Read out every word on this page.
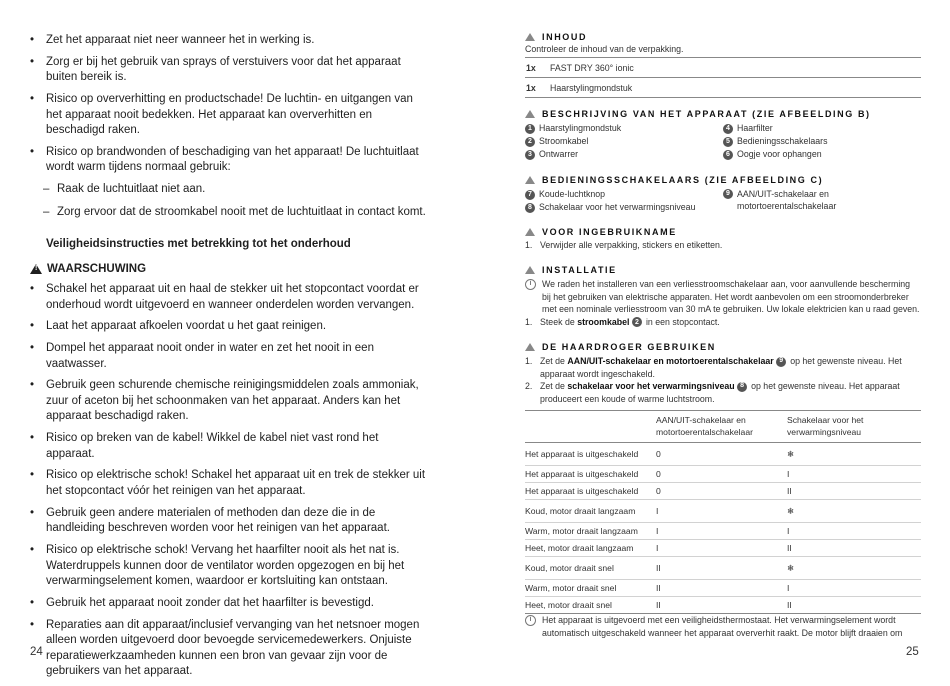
• Zet het apparaat niet neer wanneer het in werking is.
• Zorg er bij het gebruik van sprays of verstuivers voor dat het apparaat buiten bereik is.
• Risico op oververhitting en productschade! De luchtin- en uitgangen van het apparaat nooit bedekken. Het apparaat kan oververhitten en beschadigd raken.
• Risico op brandwonden of beschadiging van het apparaat! De luchtuitlaat wordt warm tijdens normaal gebruik:
– Raak de luchtuitlaat niet aan.
– Zorg ervoor dat de stroomkabel nooit met de luchtuitlaat in contact komt.
Veiligheidsinstructies met betrekking tot het onderhoud
! WAARSCHUWING
• Schakel het apparaat uit en haal de stekker uit het stopcontact voordat er onderhoud wordt uitgevoerd en wanneer onderdelen worden vervangen.
• Laat het apparaat afkoelen voordat u het gaat reinigen.
• Dompel het apparaat nooit onder in water en zet het nooit in een vaatwasser.
• Gebruik geen schurende chemische reinigingsmiddelen zoals ammoniak, zuur of aceton bij het schoonmaken van het apparaat. Anders kan het apparaat beschadigd raken.
• Risico op breken van de kabel! Wikkel de kabel niet vast rond het apparaat.
• Risico op elektrische schok! Schakel het apparaat uit en trek de stekker uit het stopcontact vóór het reinigen van het apparaat.
• Gebruik geen andere materialen of methoden dan deze die in de handleiding beschreven worden voor het reinigen van het apparaat.
• Risico op elektrische schok! Vervang het haarfilter nooit als het nat is. Waterdruppels kunnen door de ventilator worden opgezogen en bij het verwarmingselement komen, waardoor er kortsluiting kan ontstaan.
• Gebruik het apparaat nooit zonder dat het haarfilter is bevestigd.
• Reparaties aan dit apparaat/inclusief vervanging van het netsnoer mogen alleen worden uitgevoerd door bevoegde servicemedewerkers. Onjuiste reparatiewerkzaamheden kunnen een bron van gevaar zijn voor de gebruikers van het apparaat.
24
INHOUD
Controleer de inhoud van de verpakking.
1x	FAST DRY 360° ionic
1x	Haarstylingmondstuk
BESCHRIJVING VAN HET APPARAAT (ZIE AFBEELDING B)
1 Haarstylingmondstuk	4 Haarfilter
2 Stroomkabel	5 Bedieningsschakelaars
3 Ontwarrer	6 Oogje voor ophangen
BEDIENINGSSCHAKELAARS (ZIE AFBEELDING C)
7 Koude-luchtknop
8 Schakelaar voor het verwarmingsniveau
9 AAN/UIT-schakelaar en motortoerentalschakelaar
VOOR INGEBRUIKNAME
1. Verwijder alle verpakking, stickers en etiketten.
INSTALLATIE
i	We raden het installeren van een verliesstroomschakelaar aan, voor aanvullende bescherming bij het gebruiken van elektrische apparaten. Het wordt aanbevolen om een stroomonderbreker met een nominale verliesstroom van 30 mA te gebruiken. Uw lokale elektricien kan u raad geven.
1. Steek de stroomkabel 2 in een stopcontact.
DE HAARDROGER GEBRUIKEN
1. Zet de AAN/UIT-schakelaar en motortoerentalschakelaar 9 op het gewenste niveau. Het apparaat wordt ingeschakeld.
2. Zet de schakelaar voor het verwarmingsniveau 8 op het gewenste niveau. Het apparaat produceert een koude of warme luchtstroom.
	AAN/UIT-schakelaar en motortoerentalschakelaar	Schakelaar voor het verwarmingsniveau
Het apparaat is uitgeschakeld	0	❄
Het apparaat is uitgeschakeld	0	I
Het apparaat is uitgeschakeld	0	II
Koud, motor draait langzaam	I	❄
Warm, motor draait langzaam	I	I
Heet, motor draait langzaam	I	II
Koud, motor draait snel	II	❄
Warm, motor draait snel	II	I
Heet, motor draait snel	II	II
i	Het apparaat is uitgevoerd met een veiligheidsthermostaat. Het verwarmingselement wordt automatisch uitgeschakeld wanneer het apparaat oververhit raakt. De motor blijft draaien om
25
